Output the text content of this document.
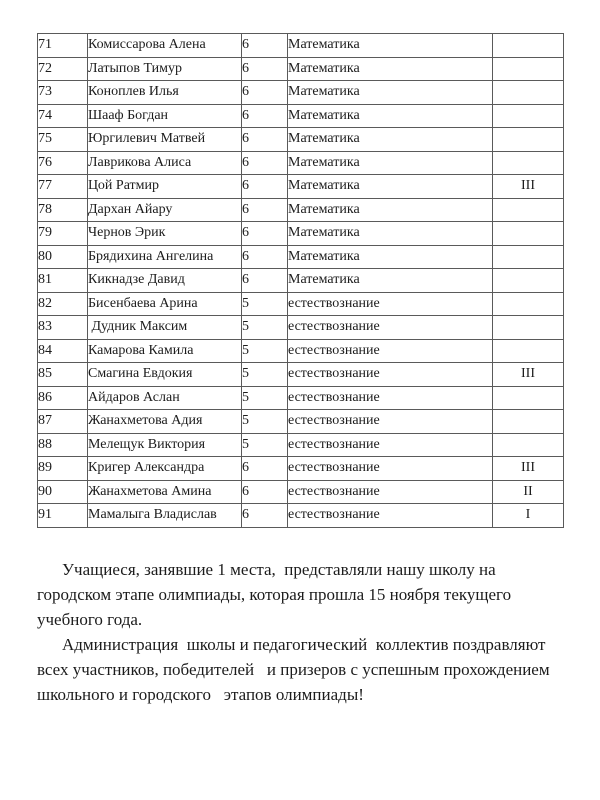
71	Комиссарова Алена	6	Математика	
72	Латыпов Тимур	6	Математика	
73	Коноплев Илья	6	Математика	
74	Шааф Богдан	6	Математика	
75	Юргилевич Матвей	6	Математика	
76	Лаврикова Алиса	6	Математика	
77	Цой Ратмир	6	Математика	III
78	Дархан Айару	6	Математика	
79	Чернов Эрик	6	Математика	
80	Брядихина Ангелина	6	Математика	
81	Кикнадзе Давид	6	Математика	
82	Бисенбаева Арина	5	естествознание	
83	Дудник Максим	5	естествознание	
84	Камарова Камила	5	естествознание	
85	Смагина Евдокия	5	естествознание	III
86	Айдаров Аслан	5	естествознание	
87	Жанахметова Адия	5	естествознание	
88	Мелещук Виктория	5	естествознание	
89	Кригер Александра	6	естествознание	III
90	Жанахметова Амина	6	естествознание	II
91	Мамалыга Владислав	6	естествознание	I
Учащиеся, занявшие 1 места,  представляли нашу школу на
городском этапе олимпиады, которая прошла 15 ноября текущего
учебного года.
Администрация  школы и педагогический  коллектив поздравляют
всех участников, победителей   и призеров с успешным прохождением
школьного и городского   этапов олимпиады!
